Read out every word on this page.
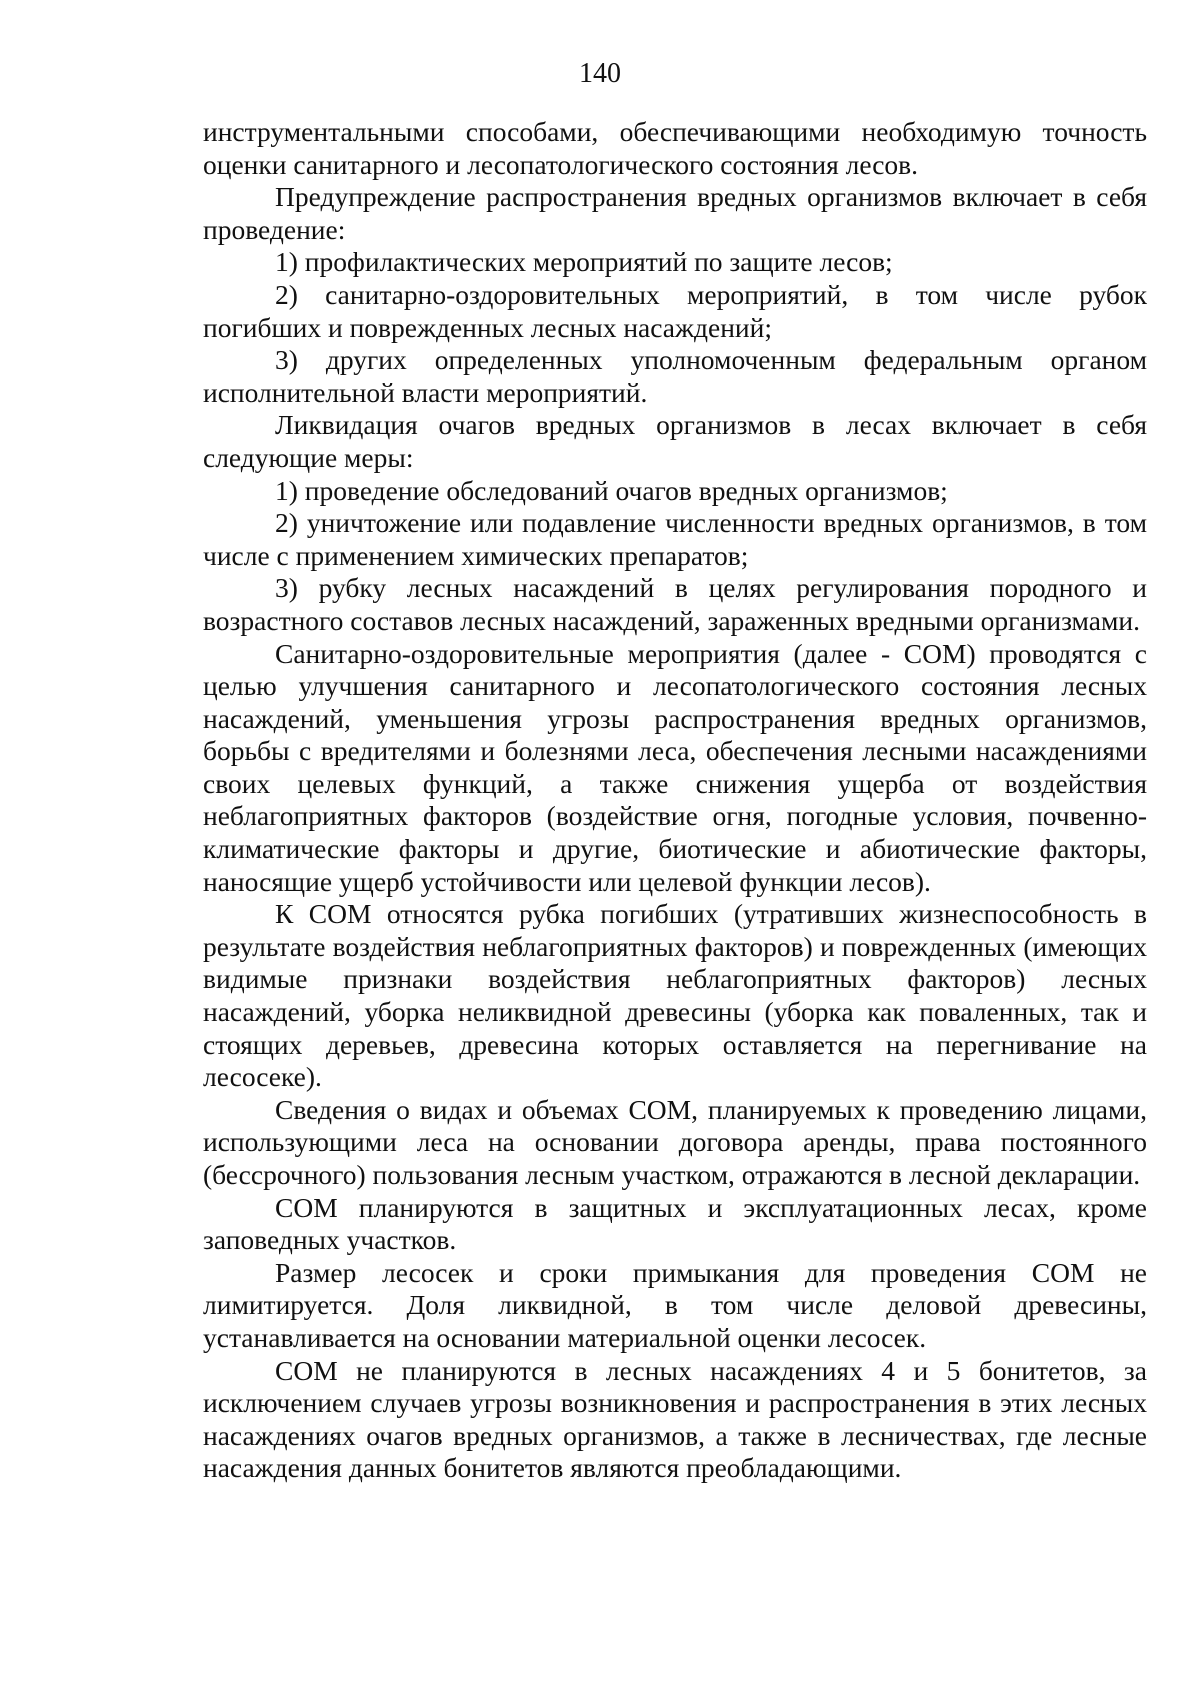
140

инструментальными способами, обеспечивающими необходимую точность оценки санитарного и лесопатологического состояния лесов.

Предупреждение распространения вредных организмов включает в себя проведение:

1) профилактических мероприятий по защите лесов;

2) санитарно-оздоровительных мероприятий, в том числе рубок погибших и поврежденных лесных насаждений;

3) других определенных уполномоченным федеральным органом исполнительной власти мероприятий.

Ликвидация очагов вредных организмов в лесах включает в себя следующие меры:

1) проведение обследований очагов вредных организмов;

2) уничтожение или подавление численности вредных организмов, в том числе с применением химических препаратов;

3) рубку лесных насаждений в целях регулирования породного и возрастного составов лесных насаждений, зараженных вредными организмами.

Санитарно-оздоровительные мероприятия (далее - СОМ) проводятся с целью улучшения санитарного и лесопатологического состояния лесных насаждений, уменьшения угрозы распространения вредных организмов, борьбы с вредителями и болезнями леса, обеспечения лесными насаждениями своих целевых функций, а также снижения ущерба от воздействия неблагоприятных факторов (воздействие огня, погодные условия, почвенно-климатические факторы и другие, биотические и абиотические факторы, наносящие ущерб устойчивости или целевой функции лесов).

К СОМ относятся рубка погибших (утративших жизнеспособность в результате воздействия неблагоприятных факторов) и поврежденных (имеющих видимые признаки воздействия неблагоприятных факторов) лесных насаждений, уборка неликвидной древесины (уборка как поваленных, так и стоящих деревьев, древесина которых оставляется на перегнивание на лесосеке).

Сведения о видах и объемах СОМ, планируемых к проведению лицами, использующими леса на основании договора аренды, права постоянного (бессрочного) пользования лесным участком, отражаются в лесной декларации.

СОМ планируются в защитных и эксплуатационных лесах, кроме заповедных участков.

Размер лесосек и сроки примыкания для проведения СОМ не лимитируется. Доля ликвидной, в том числе деловой древесины, устанавливается на основании материальной оценки лесосек.

СОМ не планируются в лесных насаждениях 4 и 5 бонитетов, за исключением случаев угрозы возникновения и распространения в этих лесных насаждениях очагов вредных организмов, а также в лесничествах, где лесные насаждения данных бонитетов являются преобладающими.
